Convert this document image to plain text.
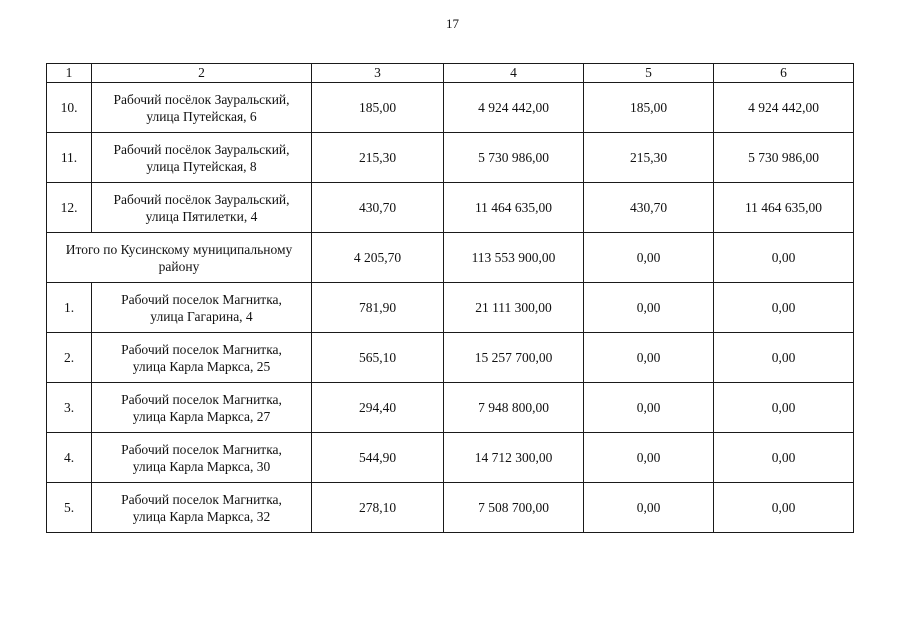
17
1	2	3	4	5	6
10.	Рабочий посёлок Зауральский,
улица Путейская, 6	185,00	4 924 442,00	185,00	4 924 442,00
11.	Рабочий посёлок Зауральский,
улица Путейская, 8	215,30	5 730 986,00	215,30	5 730 986,00
12.	Рабочий посёлок Зауральский,
улица Пятилетки, 4	430,70	11 464 635,00	430,70	11 464 635,00

Итого по Кусинскому муниципальному
району		4 205,70	113 553 900,00	0,00	0,00
1.	Рабочий поселок Магнитка,
улица Гагарина, 4	781,90	21 111 300,00	0,00	0,00
2.	Рабочий поселок Магнитка,
улица Карла Маркса, 25	565,10	15 257 700,00	0,00	0,00
3.	Рабочий поселок Магнитка,
улица Карла Маркса, 27	294,40	7 948 800,00	0,00	0,00
4.	Рабочий поселок Магнитка,
улица Карла Маркса, 30	544,90	14 712 300,00	0,00	0,00
5.	Рабочий поселок Магнитка,
улица Карла Маркса, 32	278,10	7 508 700,00	0,00	0,00
